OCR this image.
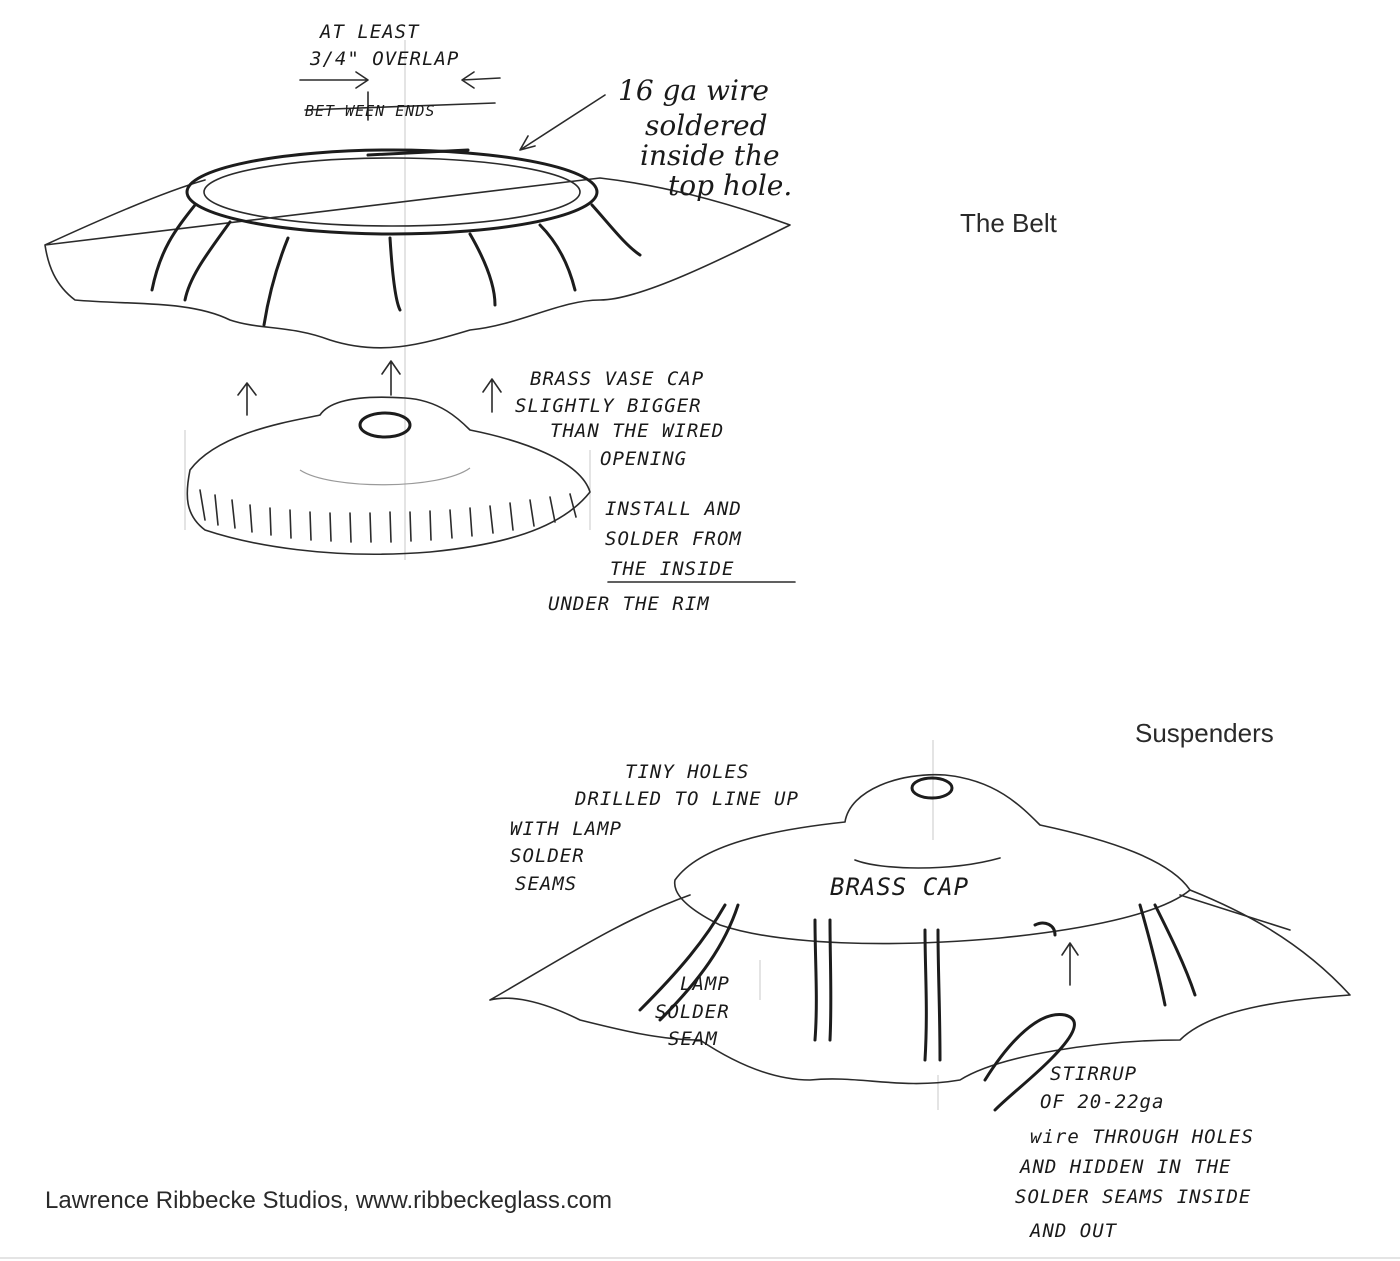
AT LEAST
3/4" OVERLAP
BET WEEN ENDS
16 ga wire
soldered
inside the
top hole.
The Belt
BRASS VASE CAP
SLIGHTLY BIGGER
THAN THE WIRED
OPENING
INSTALL AND
SOLDER FROM
THE INSIDE
UNDER THE RIM
Suspenders
TINY HOLES
DRILLED TO LINE UP
WITH LAMP
SOLDER
SEAMS	BRASS CAP
LAMP
SOLDER
SEAM
STIRRUP
OF 20-22ga
wire THROUGH HOLES
AND HIDDEN IN THE
SOLDER SEAMS INSIDE
AND OUT
Lawrence Ribbecke Studios, www.ribbeckeglass.com
